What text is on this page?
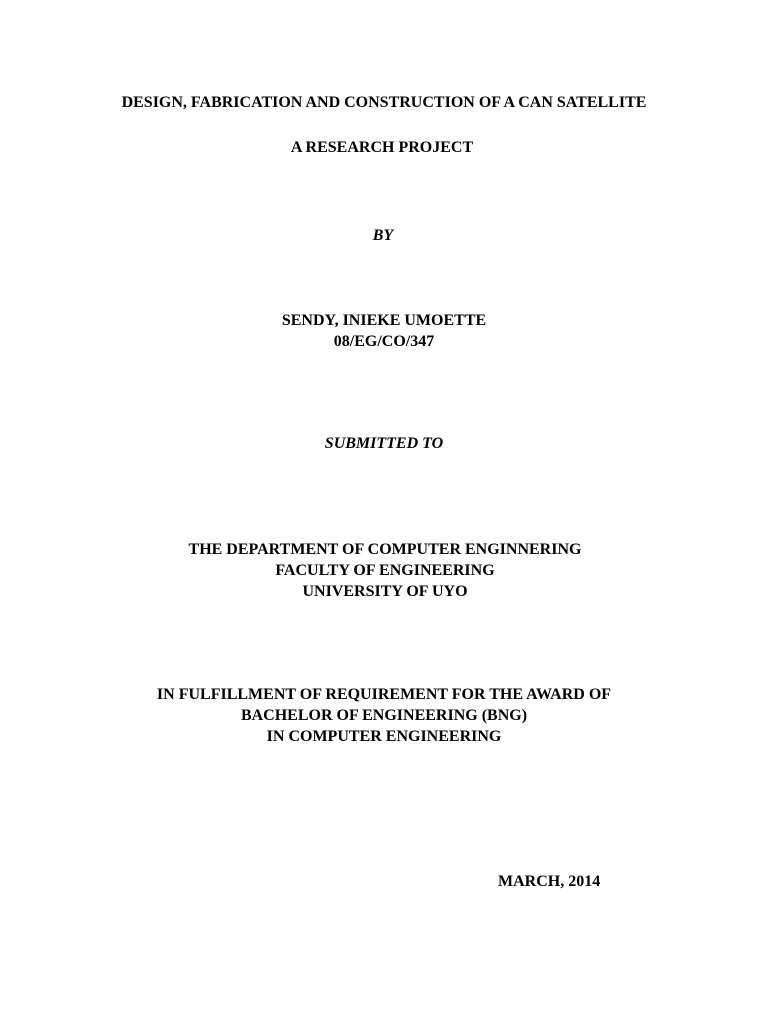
DESIGN, FABRICATION AND CONSTRUCTION OF A CAN SATELLITE
A RESEARCH PROJECT
BY
SENDY, INIEKE UMOETTE
08/EG/CO/347
SUBMITTED TO
THE DEPARTMENT OF COMPUTER ENGINNERING
FACULTY OF ENGINEERING
UNIVERSITY OF UYO
IN FULFILLMENT OF REQUIREMENT FOR THE AWARD OF
BACHELOR OF ENGINEERING (BNG)
IN COMPUTER ENGINEERING
MARCH, 2014
